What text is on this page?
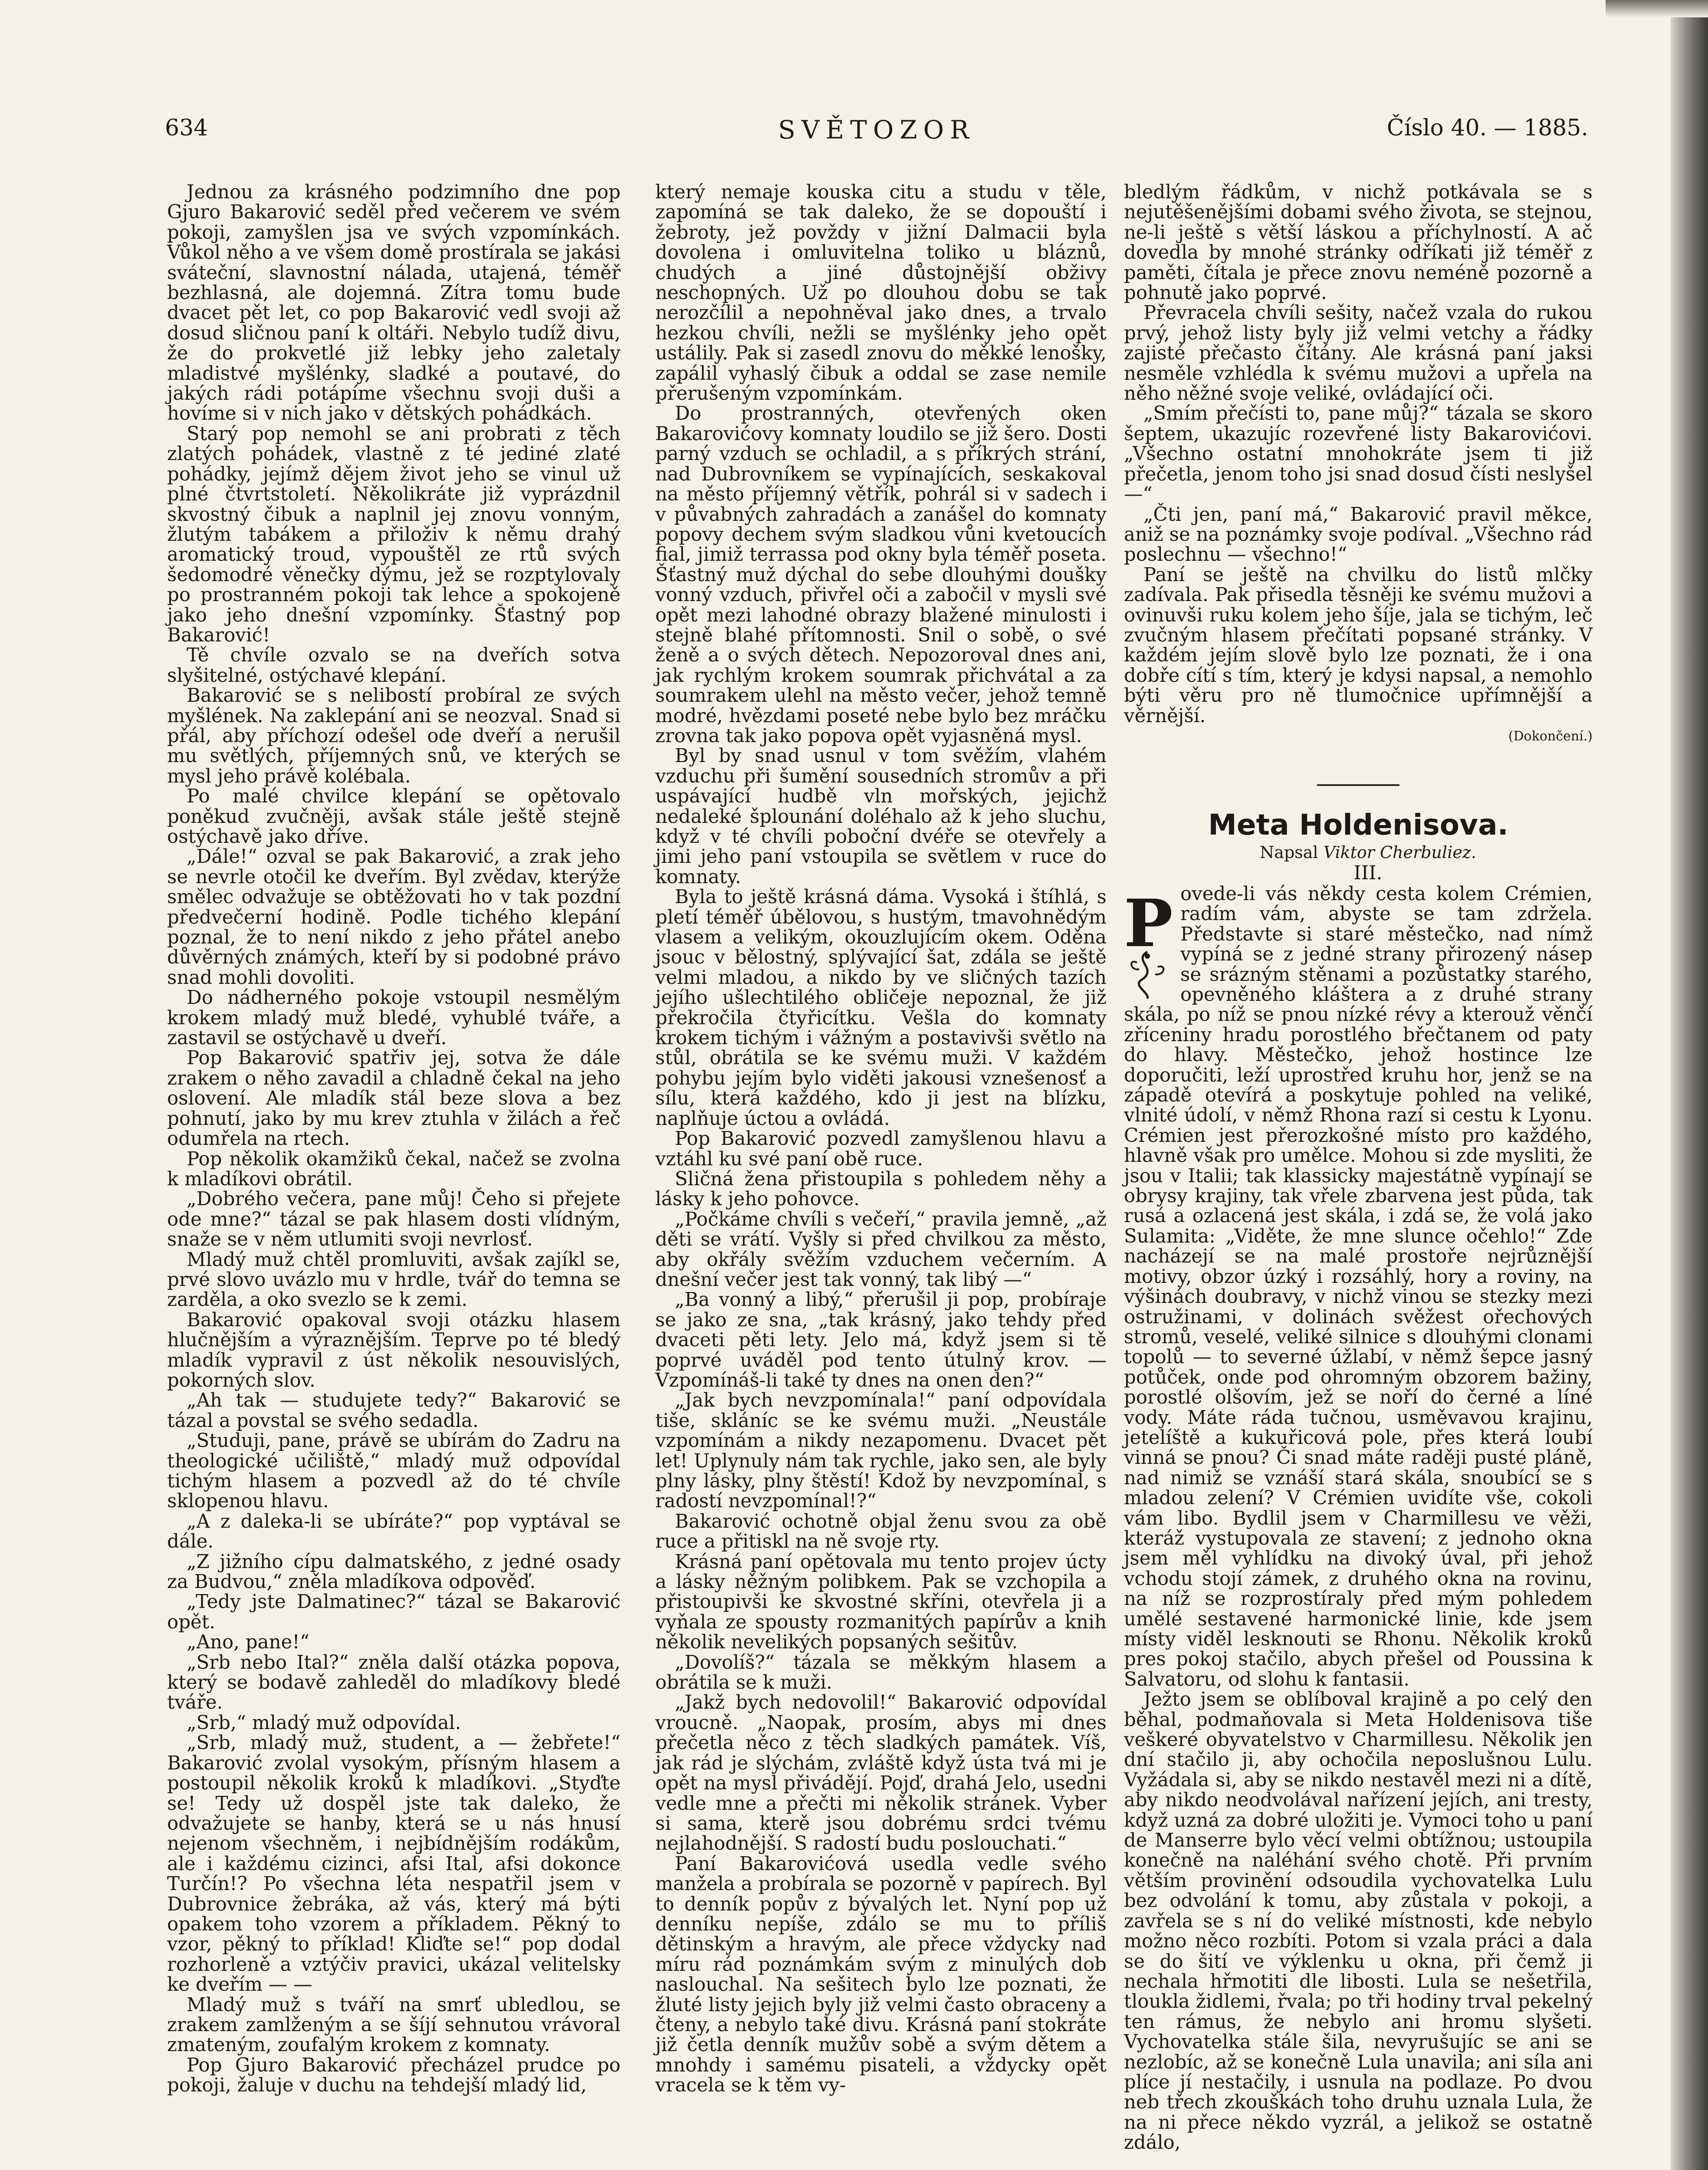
634	SVĚTOZOR	Číslo 40. — 1885.

Jednou za krásného podzimního dne pop Gjuro Bakarović seděl před večerem ve svém pokoji, zamyšlen jsa ve svých vzpomínkách. Vůkol něho a ve všem domě prostírala se jakási sváteční, slavnostní nálada, utajená, téměř bezhlasná, ale dojemná. Zítra tomu bude dvacet pět let, co pop Bakarović vedl svoji až dosud sličnou paní k oltáři. Nebylo tudíž divu, že do prokvetlé již lebky jeho zaletaly mladistvé myšlénky, sladké a poutavé, do jakých rádi potápíme všechnu svoji duši a hovíme si v nich jako v dětských pohádkách.

Starý pop nemohl se ani probrati z těch zlatých pohádek, vlastně z té jediné zlaté pohádky, jejímž dějem život jeho se vinul už plné čtvrtstoletí. Několikráte již vyprázdnil skvostný čibuk a naplnil jej znovu vonným, žlutým tabákem a přiloživ k němu drahý aromatický troud, vypouštěl ze rtů svých šedomodré věnečky dýmu, jež se rozptylovaly po prostranném pokoji tak lehce a spokojeně jako jeho dnešní vzpomínky. Šťastný pop Bakarović!

Tě chvíle ozvalo se na dveřích sotva slyšitelné, ostýchavé klepání.

Bakarović se s nelibostí probíral ze svých myšlének. Na zaklepání ani se neozval. Snad si přál, aby příchozí odešel ode dveří a nerušil mu světlých, příjemných snů, ve kterých se mysl jeho právě kolébala.

Po malé chvilce klepání se opětovalo poněkud zvučněji, avšak stále ještě stejně ostýchavě jako dříve.

„Dále!“ ozval se pak Bakarović, a zrak jeho se nevrle otočil ke dveřím. Byl zvědav, kterýže smělec odvažuje se obtěžovati ho v tak pozdní předvečerní hodině. Podle tichého klepání poznal, že to není nikdo z jeho přátel anebo důvěrných známých, kteří by si podobné právo snad mohli dovoliti.

Do nádherného pokoje vstoupil nesmělým krokem mladý muž bledé, vyhublé tváře, a zastavil se ostýchavě u dveří.

Pop Bakarović spatřiv jej, sotva že dále zrakem o něho zavadil a chladně čekal na jeho oslovení. Ale mladík stál beze slova a bez pohnutí, jako by mu krev ztuhla v žilách a řeč odumřela na rtech.

Pop několik okamžiků čekal, načež se zvolna k mladíkovi obrátil.

„Dobrého večera, pane můj! Čeho si přejete ode mne?“ tázal se pak hlasem dosti vlídným, snaže se v něm utlumiti svoji nevrlosť.

Mladý muž chtěl promluviti, avšak zajíkl se, prvé slovo uvázlo mu v hrdle, tvář do temna se zarděla, a oko svezlo se k zemi.

Bakarović opakoval svoji otázku hlasem hlučnějším a výraznějším. Teprve po té bledý mladík vypravil z úst několik nesouvislých, pokorných slov.

„Ah tak — studujete tedy?“ Bakarović se tázal a povstal se svého sedadla.

„Studuji, pane, právě se ubírám do Zadru na theologické učiliště,“ mladý muž odpovídal tichým hlasem a pozvedl až do té chvíle sklopenou hlavu.

„A z daleka-li se ubíráte?“ pop vyptával se dále.

„Z jižního cípu dalmatského, z jedné osady za Budvou,“ zněla mladíkova odpověď.

„Tedy jste Dalmatinec?“ tázal se Bakarović opět.

„Ano, pane!“

„Srb nebo Ital?“ zněla další otázka popova, který se bodavě zahleděl do mladíkovy bledé tváře.

„Srb,“ mladý muž odpovídal.

„Srb, mladý muž, student, a — žebřete!“ Bakarović zvolal vysokým, přísným hlasem a postoupil několik kroků k mladíkovi. „Styďte se! Tedy už dospěl jste tak daleko, že odvažujete se hanby, která se u nás hnusí nejenom všechněm, i nejbídnějším rodákům, ale i každému cizinci, afsi Ital, afsi dokonce Turčín!? Po všechna léta nespatřil jsem v Dubrovnice žebráka, až vás, který má býti opakem toho vzorem a příkladem. Pěkný to vzor, pěkný to příklad! Kliďte se!“ pop dodal rozhorleně a vztýčiv pravici, ukázal velitelsky ke dveřím — —

Mladý muž s tváří na smrť ubledlou, se zrakem zamlženým a se šíjí sehnutou vrávoral zmateným, zoufalým krokem z komnaty.

Pop Gjuro Bakarović přecházel prudce po pokoji, žaluje v duchu na tehdejší mladý lid,

který nemaje kouska citu a studu v těle, zapomíná se tak daleko, že se dopouští i žebroty, jež povždy v jižní Dalmacii byla dovolena i omluvitelna toliko u bláznů, chudých a jiné důstojnější obživy neschopných. Už po dlouhou dobu se tak nerozčílil a nepohněval jako dnes, a trvalo hezkou chvíli, nežli se myšlénky jeho opět ustálily. Pak si zasedl znovu do měkké lenošky, zapálil vyhaslý čibuk a oddal se zase nemile přerušeným vzpomínkám.

Do prostranných, otevřených oken Bakarovićovy komnaty loudilo se již šero. Dosti parný vzduch se ochladil, a s příkrých strání, nad Dubrovníkem se vypínajících, seskakoval na město příjemný větřík, pohrál si v sadech i v půvabných zahradách a zanášel do komnaty popovy dechem svým sladkou vůni kvetoucích fial, jimiž terrassa pod okny byla téměř poseta. Šťastný muž dýchal do sebe dlouhými doušky vonný vzduch, přivřel oči a zabočil v mysli své opět mezi lahodné obrazy blažené minulosti i stejně blahé přítomnosti. Snil o sobě, o své ženě a o svých dětech. Nepozoroval dnes ani, jak rychlým krokem soumrak přichvátal a za soumrakem ulehl na město večer, jehož temně modré, hvězdami poseté nebe bylo bez mráčku zrovna tak jako popova opět vyjasněná mysl.

Byl by snad usnul v tom svěžím, vlahém vzduchu při šumění sousedních stromův a při uspávající hudbě vln mořských, jejichž nedaleké šplounání doléhalo až k jeho sluchu, když v té chvíli poboční dvéře se otevřely a jimi jeho paní vstoupila se světlem v ruce do komnaty.

Byla to ještě krásná dáma. Vysoká i štíhlá, s pletí téměř úbělovou, s hustým, tmavohnědým vlasem a velikým, okouzlujícím okem. Oděna jsouc v bělostný, splývající šat, zdála se ještě velmi mladou, a nikdo by ve sličných tazích jejího ušlechtilého obličeje nepoznal, že již překročila čtyřicítku. Vešla do komnaty krokem tichým i vážným a postavivši světlo na stůl, obrátila se ke svému muži. V každém pohybu jejím bylo viděti jakousi vznešenosť a sílu, která každého, kdo ji jest na blízku, naplňuje úctou a ovládá.

Pop Bakarović pozvedl zamyšlenou hlavu a vztáhl ku své paní obě ruce.

Sličná žena přistoupila s pohledem něhy a lásky k jeho pohovce.

„Počkáme chvíli s večeří,“ pravila jemně, „až děti se vrátí. Vyšly si před chvilkou za město, aby okřály svěžím vzduchem večerním. A dnešní večer jest tak vonný, tak libý —“

„Ba vonný a libý,“ přerušil ji pop, probíraje se jako ze sna, „tak krásný, jako tehdy před dvaceti pěti lety. Jelo má, když jsem si tě poprvé uváděl pod tento útulný krov. — Vzpomínáš-li také ty dnes na onen den?“

„Jak bych nevzpomínala!“ paní odpovídala tiše, skláníc se ke svému muži. „Neustále vzpomínám a nikdy nezapomenu. Dvacet pět let! Uplynuly nám tak rychle, jako sen, ale byly plny lásky, plny štěstí! Kdož by nevzpomínal, s radostí nevzpomínal!?“

Bakarović ochotně objal ženu svou za obě ruce a přitiskl na ně svoje rty.

Krásná paní opětovala mu tento projev úcty a lásky něžným polibkem. Pak se vzchopila a přistoupivši ke skvostné skříni, otevřela ji a vyňala ze spousty rozmanitých papírův a knih několik nevelikých popsaných sešitův.

„Dovolíš?“ tázala se měkkým hlasem a obrátila se k muži.

„Jakž bych nedovolil!“ Bakarović odpovídal vroucně. „Naopak, prosím, abys mi dnes přečetla něco z těch sladkých památek. Víš, jak rád je slýchám, zvláště když ústa tvá mi je opět na mysl přivádějí. Pojď, drahá Jelo, usedni vedle mne a přečti mi několik stránek. Vyber si sama, kterě jsou dobrému srdci tvému nejlahodnější. S radostí budu poslouchati.“

Paní Bakarovićová usedla vedle svého manžela a probírala se pozorně v papírech. Byl to denník popův z bývalých let. Nyní pop už denníku nepíše, zdálo se mu to příliš dětinským a hravým, ale přece vždycky nad míru rád poznámkám svým z minulých dob naslouchal. Na sešitech bylo lze poznati, že žluté listy jejich byly již velmi často obraceny a čteny, a nebylo také divu. Krásná paní stokráte již četla denník mužův sobě a svým dětem a mnohdy i samému pisateli, a vždycky opět vracela se k těm vy-

bledlým řádkům, v nichž potkávala se s nejutěšenějšími dobami svého života, se stejnou, ne-li ještě s větší láskou a příchylností. A ač dovedla by mnohé stránky odříkati již téměř z paměti, čítala je přece znovu neméně pozorně a pohnutě jako poprvé.

Převracela chvíli sešity, načež vzala do rukou prvý, jehož listy byly již velmi vetchy a řádky zajisté přečasto čítány. Ale krásná paní jaksi nesměle vzhlédla k svému mužovi a upřela na něho něžné svoje veliké, ovládající oči.

„Smím přečísti to, pane můj?“ tázala se skoro šeptem, ukazujíc rozevřené listy Bakarovićovi. „Všechno ostatní mnohokráte jsem ti již přečetla, jenom toho jsi snad dosud čísti neslyšel —“

„Čti jen, paní má,“ Bakarović pravil měkce, aniž se na poznámky svoje podíval. „Všechno rád poslechnu — všechno!“

Paní se ještě na chvilku do listů mlčky zadívala. Pak přisedla těsněji ke svému mužovi a ovinuvši ruku kolem jeho šíje, jala se tichým, leč zvučným hlasem přečítati popsané stránky. V každém jejím slově bylo lze poznati, že i ona dobře cítí s tím, který je kdysi napsal, a nemohlo býti věru pro ně tlumočnice upřímnější a věrnější.

(Dokončení.)
Meta Holdenisova.

Napsal Viktor Cherbuliez.

III.

P ovede-li vás někdy cesta kolem Crémien, radím vám, abyste se tam zdržela. Představte si staré městečko, nad nímž vypíná se z jedné strany přirozený násep se srázným stěnami a pozůstatky starého, opevněného kláštera a z druhé strany skála, po níž se pnou nízké révy a kterouž věnčí zříceniny hradu porostlého břečtanem od paty do hlavy. Městečko, jehož hostince lze doporučiti, leží uprostřed kruhu hor, jenž se na západě otevírá a poskytuje pohled na veliké, vlnité údolí, v němž Rhona razí si cestu k Lyonu. Crémien jest přerozkošné místo pro každého, hlavně však pro umělce. Mohou si zde mysliti, že jsou v Italii; tak klassicky majestátně vypínají se obrysy krajiny, tak vřele zbarvena jest půda, tak rusá a ozlacená jest skála, i zdá se, že volá jako Sulamita: „Viděte, že mne slunce očehlo!“ Zde nacházejí se na malé prostoře nejrůznější motivy, obzor úzký i rozsáhlý, hory a roviny, na výšinách doubravy, v nichž vinou se stezky mezi ostružinami, v dolinách svěžest ořechových stromů, veselé, veliké silnice s dlouhými clonami topolů — to severné úžlabí, v němž šepce jasný potůček, onde pod ohromným obzorem bažiny, porostlé olšovím, jež se noří do černé a líné vody. Máte ráda tučnou, usměvavou krajinu, jetelíště a kukuřicová pole, přes která loubí vinná se pnou? Či snad máte raději pusté pláně, nad nimiž se vznáší stará skála, snoubící se s mladou zelení? V Crémien uvidíte vše, cokoli vám libo. Bydlil jsem v Charmillesu ve věži, kteráž vystupovala ze stavení; z jednoho okna jsem měl vyhlídku na divoký úval, při jehož vchodu stojí zámek, z druhého okna na rovinu, na níž se rozprostíraly před mým pohledem umělé sestavené harmonické linie, kde jsem místy viděl lesknouti se Rhonu. Několik kroků pres pokoj stačilo, abych přešel od Poussina k Salvatoru, od slohu k fantasii.

Ježto jsem se oblíboval krajině a po celý den běhal, podmaňovala si Meta Holdenisova tiše veškeré obyvatelstvo v Charmillesu. Několik jen dní stačilo ji, aby ochočila neposlušnou Lulu. Vyžádala si, aby se nikdo nestavěl mezi ni a dítě, aby nikdo neodvolával nařízení jejích, ani tresty, když uzná za dobré uložiti je. Vymoci toho u paní de Manserre bylo věcí velmi obtížnou; ustoupila konečně na naléhání svého chotě. Při prvním větším provinění odsoudila vychovatelka Lulu bez odvolání k tomu, aby zůstala v pokoji, a zavřela se s ní do veliké místnosti, kde nebylo možno něco rozbíti. Potom si vzala práci a dala se do šití ve výklenku u okna, při čemž ji nechala hřmotiti dle libosti. Lula se nešetřila, tloukla židlemi, řvala; po tři hodiny trval pekelný ten rámus, že nebylo ani hromu slyšeti. Vychovatelka stále šila, nevyrušujíc se ani se nezlobíc, až se konečně Lula unavila; ani síla ani plíce jí nestačily, i usnula na podlaze. Po dvou neb třech zkouškách toho druhu uznala Lula, že na ni přece někdo vyzrál, a jelikož se ostatně zdálo,
